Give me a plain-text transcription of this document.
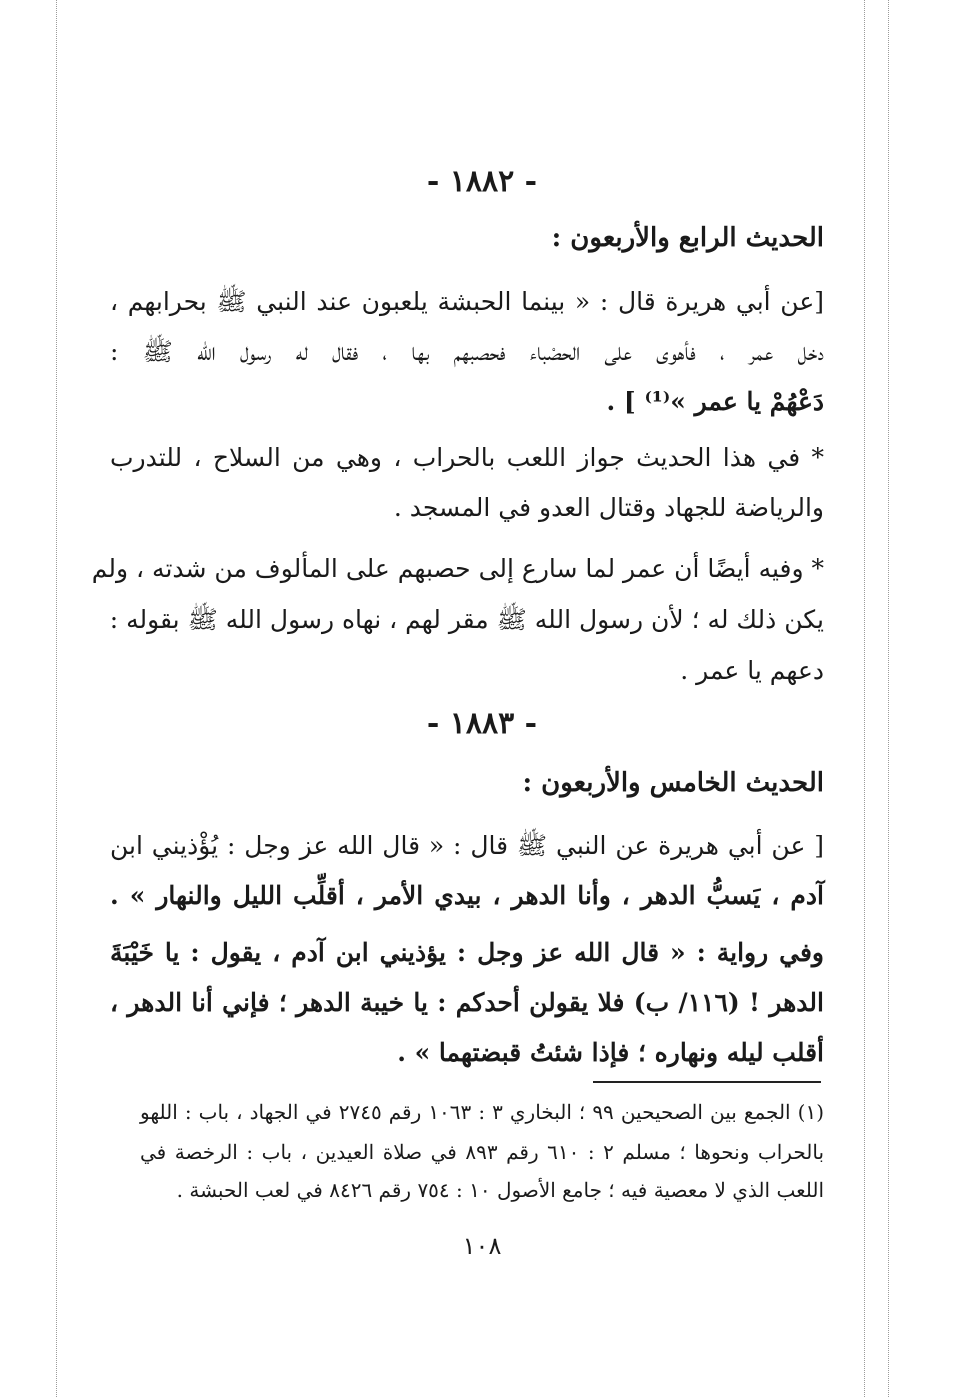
- ١٨٨٢ -
الحديث الرابع والأربعون :
[عن أبي هريرة قال : « بينما الحبشة يلعبون عند النبي ﷺ بحرابهم ،
دخل عمر ، فأهوى على الحصْباء فحصبهم بها ، فقال له رسول الله ﷺ :
دَعْهُمْ يا عمر »⁽¹⁾ ] .
* في هذا الحديث جواز اللعب بالحراب ، وهي من السلاح ، للتدرب
والرياضة للجهاد وقتال العدو في المسجد .
* وفيه أيضًا أن عمر لما سارع إلى حصبهم على المألوف من شدته ، ولم
يكن ذلك له ؛ لأن رسول الله ﷺ مقر لهم ، نهاه رسول الله ﷺ بقوله :
دعهم يا عمر .
- ١٨٨٣ -
الحديث الخامس والأربعون :
[ عن أبي هريرة عن النبي ﷺ قال : « قال الله عز وجل : يُؤْذيني ابن
آدم ، يَسبُّ الدهر ، وأنا الدهر ، بيدي الأمر ، أقلِّب الليل والنهار » .
وفي رواية : « قال الله عز وجل : يؤذيني ابن آدم ، يقول : يا خَيْبَةَ
الدهر ! (١١٦/ ب) فلا يقولن أحدكم : يا خيبة الدهر ؛ فإني أنا الدهر ،
أقلب ليله ونهاره ؛ فإذا شئتُ قبضتهما » .
(١) الجمع بين الصحيحين ٩٩ ؛ البخاري ٣ : ١٠٦٣ رقم ٢٧٤٥ في الجهاد ، باب : اللهو
بالحراب ونحوها ؛ مسلم ٢ : ٦١٠ رقم ٨٩٣ في صلاة العيدين ، باب : الرخصة في
اللعب الذي لا معصية فيه ؛ جامع الأصول ١٠ : ٧٥٤ رقم ٨٤٢٦ في لعب الحبشة .
١٠٨
